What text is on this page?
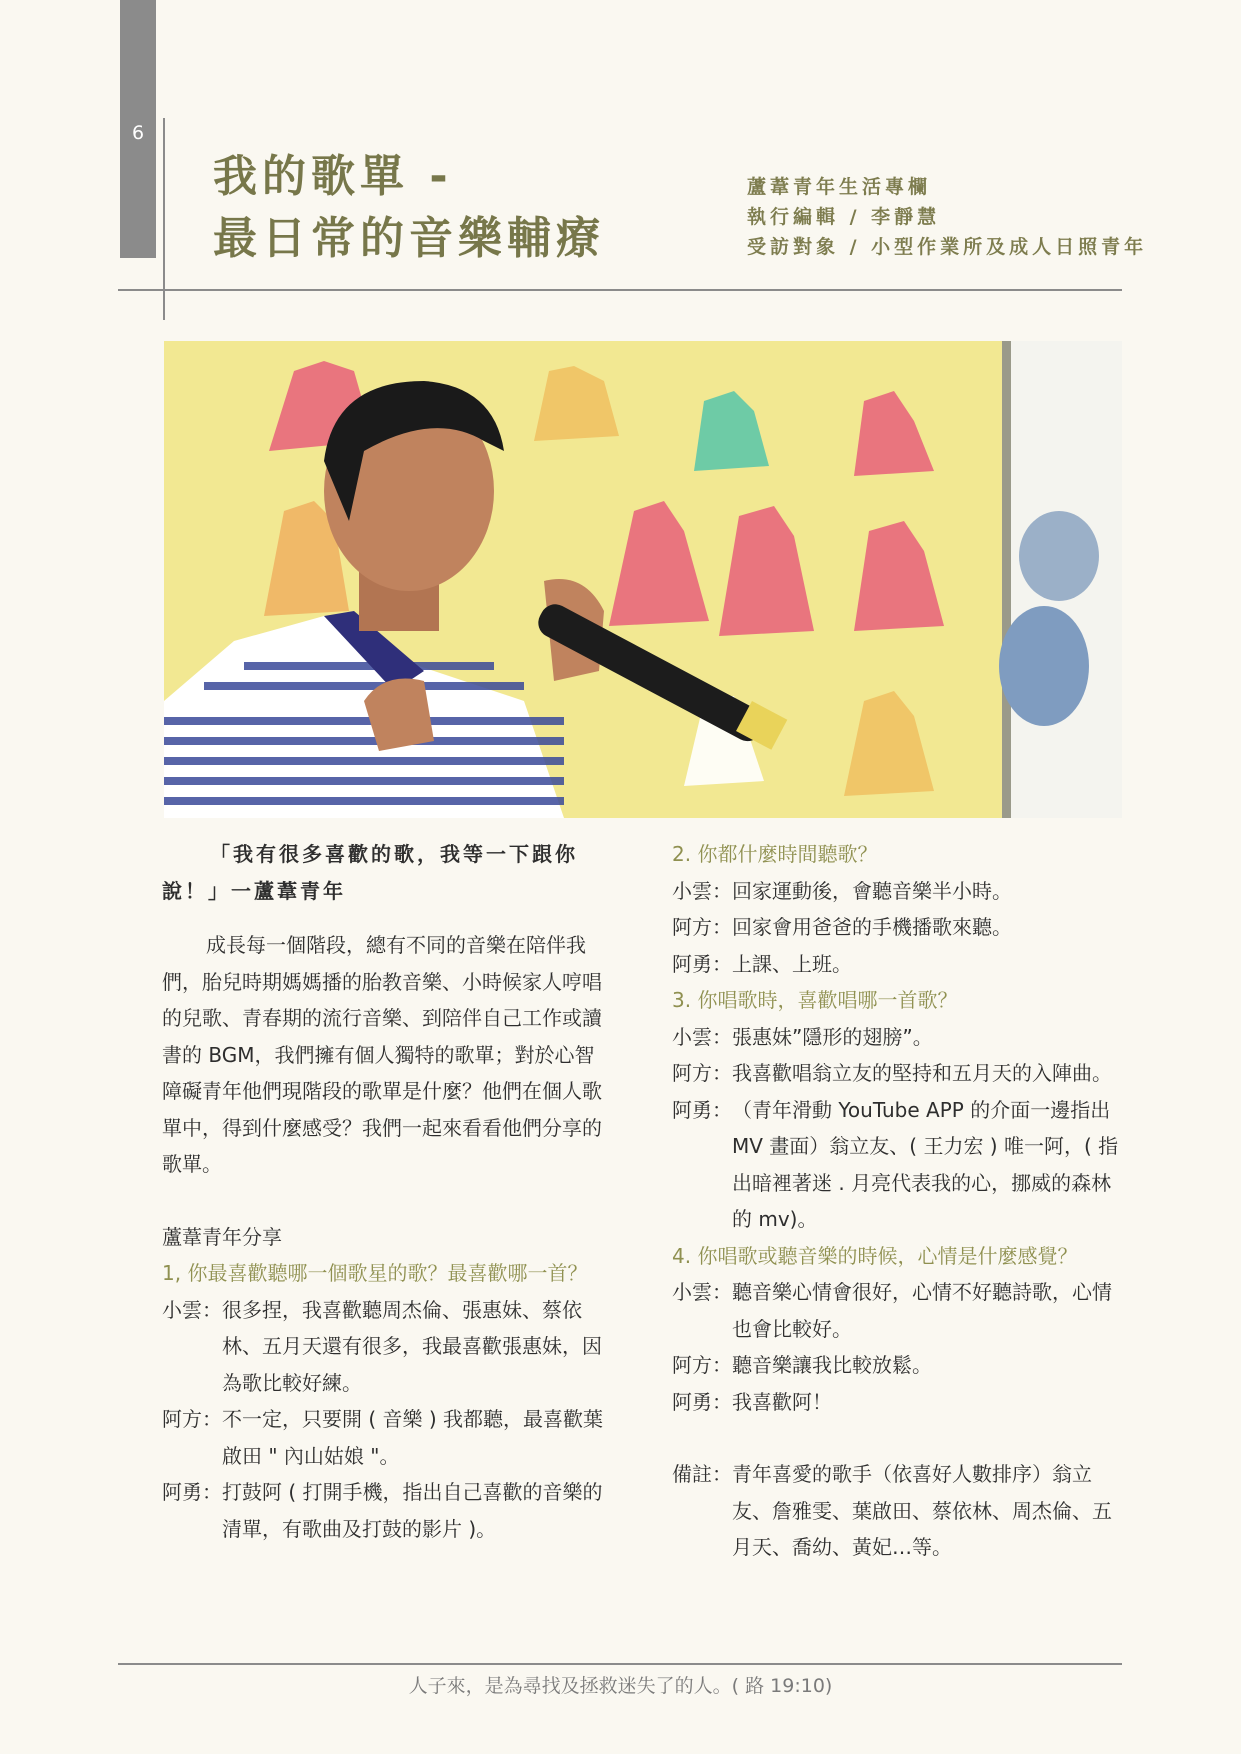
6
我的歌單 -
最日常的音樂輔療
蘆葦青年生活專欄
執行編輯 / 李靜慧
受訪對象 / 小型作業所及成人日照青年

「我有很多喜歡的歌，我等一下跟你
說！」一蘆葦青年

成長每一個階段，總有不同的音樂在陪伴我們，胎兒時期媽媽播的胎教音樂、小時候家人哼唱的兒歌、青春期的流行音樂、到陪伴自己工作或讀書的 BGM，我們擁有個人獨特的歌單；對於心智障礙青年他們現階段的歌單是什麼？他們在個人歌單中，得到什麼感受？我們一起來看看他們分享的歌單。

蘆葦青年分享

1, 你最喜歡聽哪一個歌星的歌？最喜歡哪一首？

小雲： 很多捏，我喜歡聽周杰倫、張惠妹、蔡依林、五月天還有很多，我最喜歡張惠妹，因為歌比較好練。
阿方： 不一定，只要開 ( 音樂 ) 我都聽，最喜歡葉啟田 " 內山姑娘 "。
阿勇： 打鼓阿 ( 打開手機，指出自己喜歡的音樂的清單，有歌曲及打鼓的影片 )。

2. 你都什麼時間聽歌？

小雲： 回家運動後，會聽音樂半小時。
阿方： 回家會用爸爸的手機播歌來聽。
阿勇： 上課、上班。

3. 你唱歌時，喜歡唱哪一首歌？

小雲： 張惠妹”隱形的翅膀”。
阿方： 我喜歡唱翁立友的堅持和五月天的入陣曲。
阿勇： （青年滑動 YouTube APP 的介面一邊指出 MV 畫面）翁立友、( 王力宏 ) 唯一阿，( 指出暗裡著迷 . 月亮代表我的心，挪威的森林的 mv)。

4. 你唱歌或聽音樂的時候，心情是什麼感覺？

小雲： 聽音樂心情會很好，心情不好聽詩歌，心情也會比較好。
阿方： 聽音樂讓我比較放鬆。
阿勇： 我喜歡阿！
備註： 青年喜愛的歌手（依喜好人數排序）翁立友、詹雅雯、葉啟田、蔡依林、周杰倫、五月天、喬幼、黃妃…等。
人子來，是為尋找及拯救迷失了的人。( 路 19:10)
